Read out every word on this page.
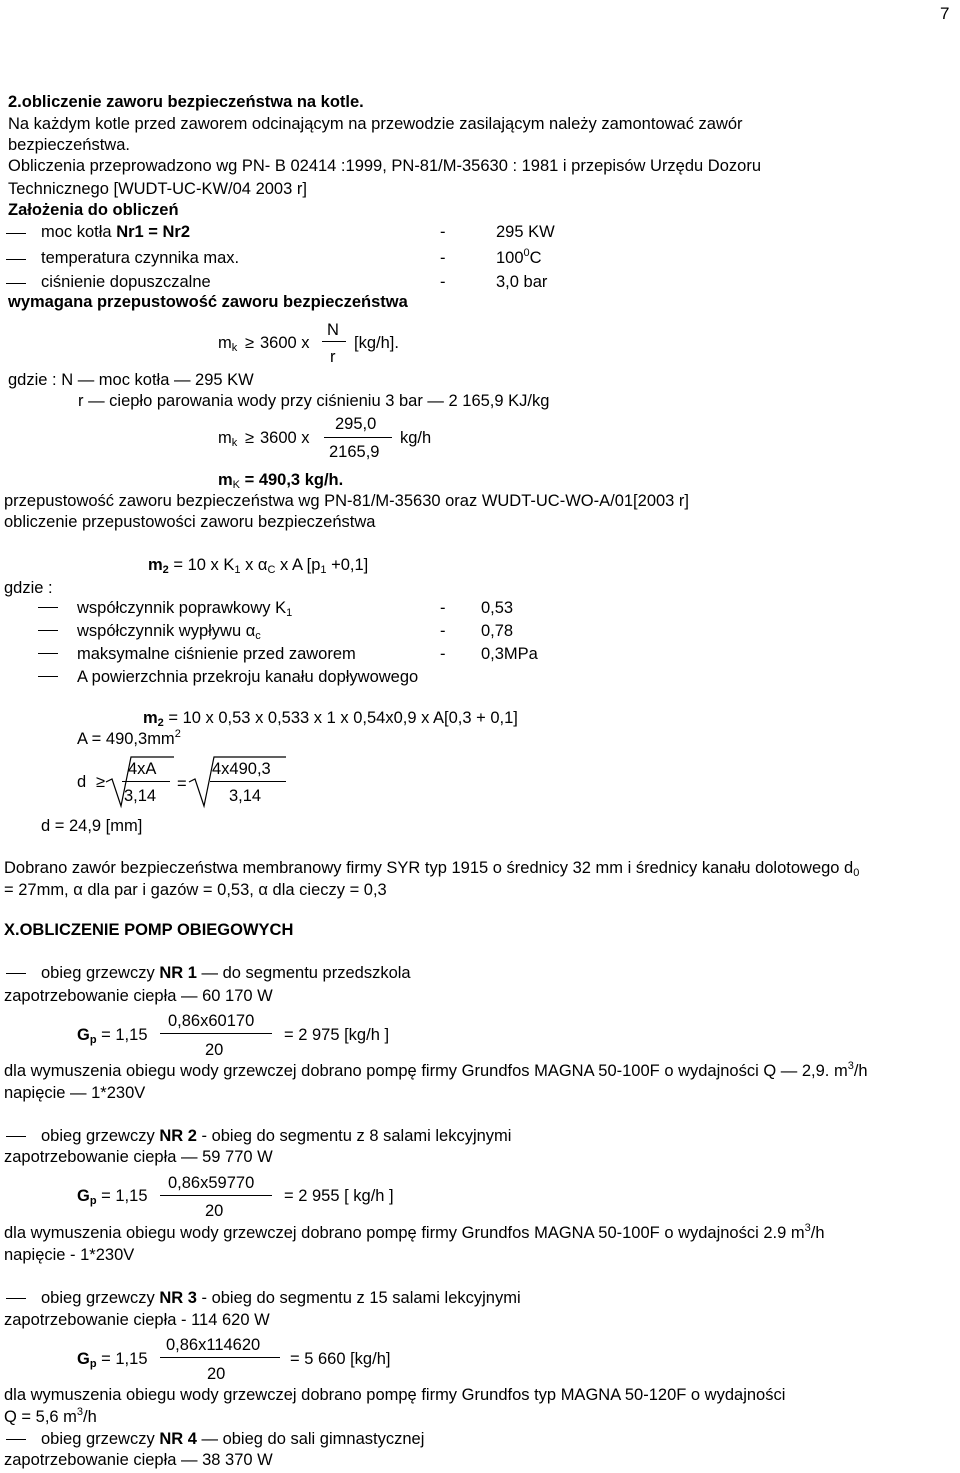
7
2.obliczenie zaworu bezpieczeństwa na kotle.
Na każdym kotle przed zaworem odcinającym na przewodzie zasilającym należy zamontować zawór
bezpieczeństwa.
Obliczenia przeprowadzono wg PN- B 02414 :1999, PN-81/M-35630 : 1981 i przepisów Urzędu Dozoru
Technicznego [WUDT-UC-KW/04 2003 r]
Założenia do obliczeń
moc kotła Nr1 = Nr2	-	295 KW
temperatura czynnika max.	-	$100^0C$
ciśnienie dopuszczalne	-	3,0 bar
wymagana przepustowość zaworu bezpieczeństwa
mk ≥ 3600 x
N
r
[kg/h].
gdzie : N — moc kotła — 295 KW
r — ciepło parowania wody przy ciśnieniu 3 bar — 2 165,9 KJ/kg
mk ≥ 3600 x
295,0
2165,9
kg/h
mK = 490,3 kg/h.
przepustowość zaworu bezpieczeństwa wg PN-81/M-35630 oraz WUDT-UC-WO-A/01[2003 r]
obliczenie przepustowości zaworu bezpieczeństwa
m2 = 10 x K1 x αC x A [p1 +0,1]
gdzie :
współczynnik poprawkowy K1	- 0,53
współczynnik wypływu αc	- 0,78
maksymalne ciśnienie przed zaworem	- 0,3MPa
A powierzchnia przekroju kanału dopływowego
m2 = 10 x 0,53 x 0,533 x 1 x 0,54x0,9 x A[0,3 + 0,1]
$A = 490,3mm^2$
d ≥
4xA
3,14
=
4x490,3
3,14
d = 24,9 [mm]
Dobrano zawór bezpieczeństwa membranowy firmy SYR typ 1915 o średnicy 32 mm i średnicy kanału dolotowego d0
= 27mm, α dla par i gazów = 0,53, α dla cieczy = 0,3
X.OBLICZENIE POMP OBIEGOWYCH
obieg grzewczy NR 1 — do segmentu przedszkola
zapotrzebowanie ciepła — 60 170 W
Gp = 1,15
0,86x60170
20
= 2 975 [kg/h ]
dla wymuszenia obiegu wody grzewczej dobrano pompę firmy Grundfos MAGNA 50-100F o wydajności Q — 2,9. $m^3/h$
napięcie — 1*230V
obieg grzewczy NR 2 - obieg do segmentu z 8 salami lekcyjnymi
zapotrzebowanie ciepła — 59 770 W
Gp = 1,15
0,86x59770
20
= 2 955 [ kg/h ]
dla wymuszenia obiegu wody grzewczej dobrano pompę firmy Grundfos MAGNA 50-100F o wydajności 2.9 $m^3/h$
napięcie - 1*230V
obieg grzewczy NR 3 - obieg do segmentu z 15 salami lekcyjnymi
zapotrzebowanie ciepła - 114 620 W
Gp = 1,15
0,86x114620
20
= 5 660 [kg/h]
dla wymuszenia obiegu wody grzewczej dobrano pompę firmy Grundfos typ MAGNA 50-120F o wydajności
Q = 5,6 $m^3/h$
obieg grzewczy NR 4 — obieg do sali gimnastycznej
zapotrzebowanie ciepła — 38 370 W
